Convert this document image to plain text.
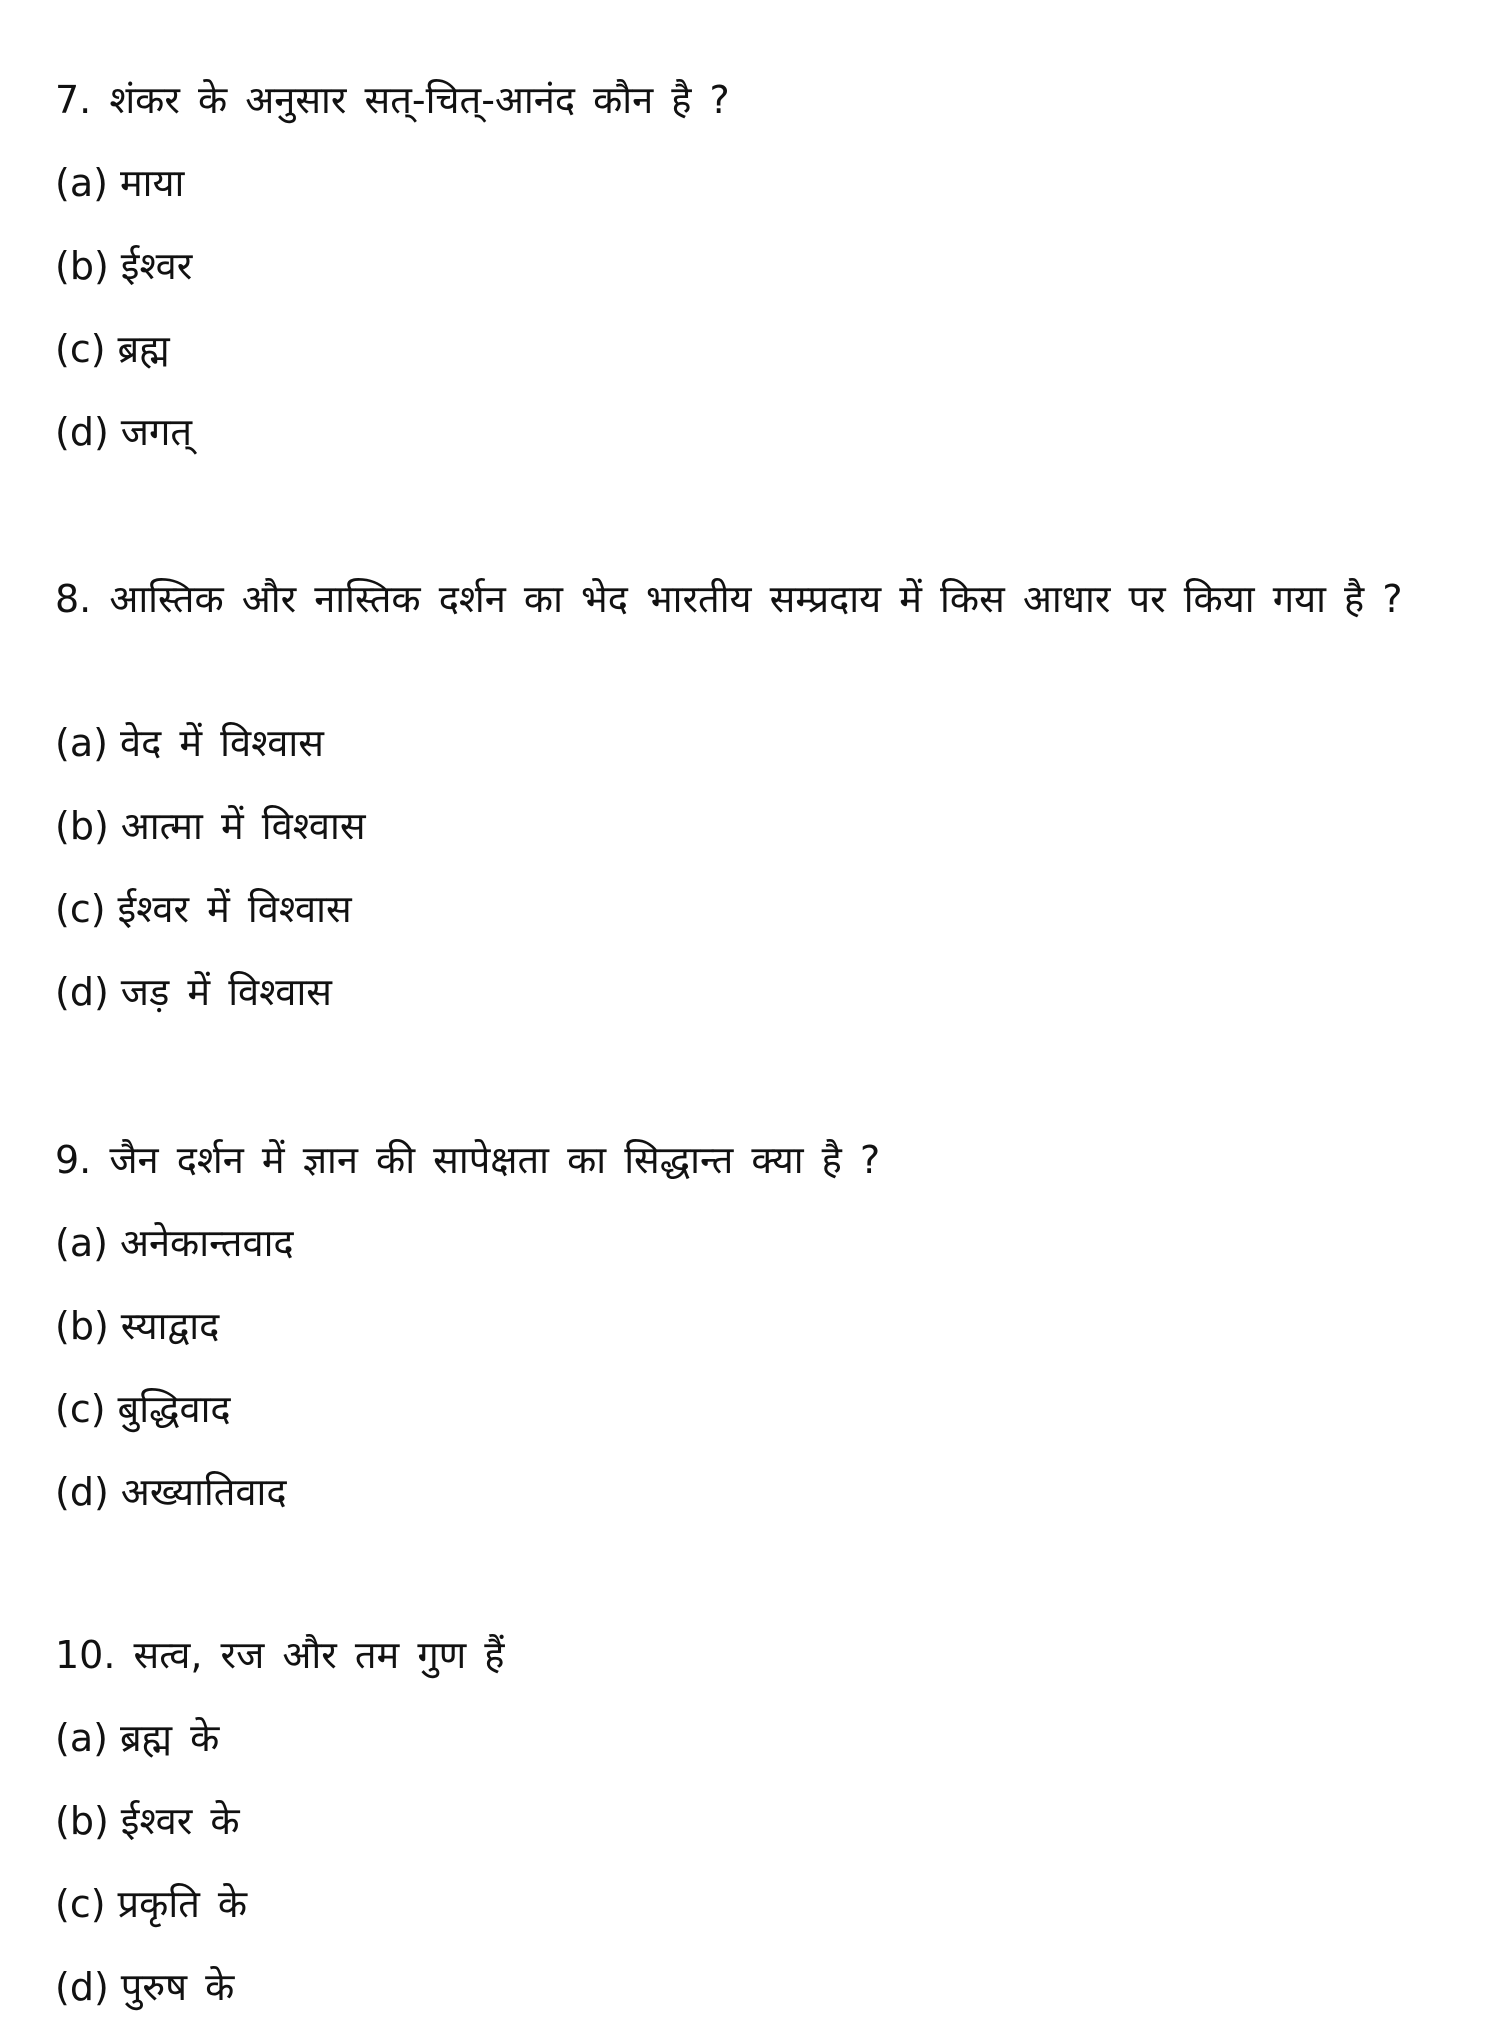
7. शंकर के अनुसार सत्-चित्-आनंद कौन है ?
(a) माया
(b) ईश्वर
(c) ब्रह्म
(d) जगत्
8. आस्तिक और नास्तिक दर्शन का भेद भारतीय सम्प्रदाय में किस आधार पर किया गया है ?
(a) वेद में विश्वास
(b) आत्मा में विश्वास
(c) ईश्वर में विश्वास
(d) जड़ में विश्वास
9. जैन दर्शन में ज्ञान की सापेक्षता का सिद्धान्त क्या है ?
(a) अनेकान्तवाद
(b) स्याद्वाद
(c) बुद्धिवाद
(d) अख्यातिवाद
10. सत्व, रज और तम गुण हैं
(a) ब्रह्म के
(b) ईश्वर के
(c) प्रकृति के
(d) पुरुष के
